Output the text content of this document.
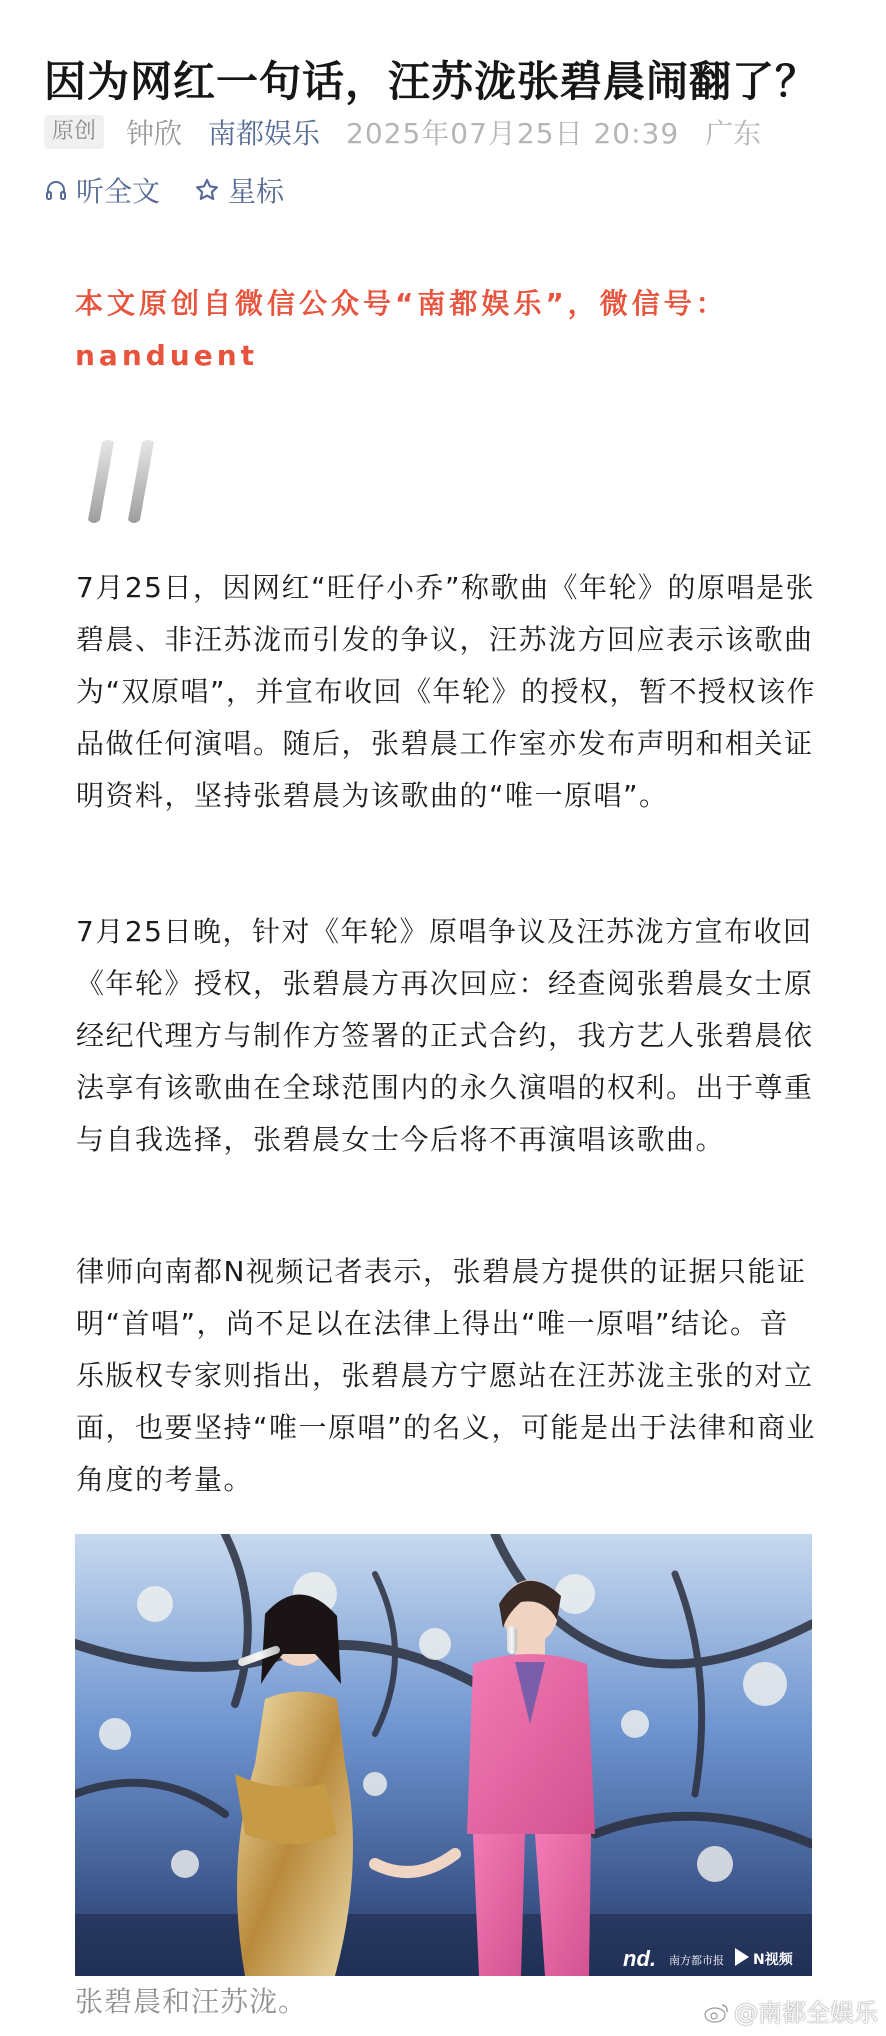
因为网红一句话，汪苏泷张碧晨闹翻了？
原创 钟欣 南都娱乐 2025年07月25日 20:39 广东
听全文 星标
本文原创自微信公众号“南都娱乐”，微信号：nanduent

7月25日，因网红“旺仔小乔”称歌曲《年轮》的原唱是张碧晨、非汪苏泷而引发的争议，汪苏泷方回应表示该歌曲为“双原唱”，并宣布收回《年轮》的授权，暂不授权该作品做任何演唱。随后，张碧晨工作室亦发布声明和相关证明资料，坚持张碧晨为该歌曲的“唯一原唱”。

7月25日晚，针对《年轮》原唱争议及汪苏泷方宣布收回《年轮》授权，张碧晨方再次回应：经查阅张碧晨女士原经纪代理方与制作方签署的正式合约，我方艺人张碧晨依法享有该歌曲在全球范围内的永久演唱的权利。出于尊重与自我选择，张碧晨女士今后将不再演唱该歌曲。

律师向南都N视频记者表示，张碧晨方提供的证据只能证明“首唱”，尚不足以在法律上得出“唯一原唱”结论。音乐版权专家则指出，张碧晨方宁愿站在汪苏泷主张的对立面，也要坚持“唯一原唱”的名义，可能是出于法律和商业角度的考量。

nd. 南方都市报 N视频
张碧晨和汪苏泷。	@南都全娱乐
